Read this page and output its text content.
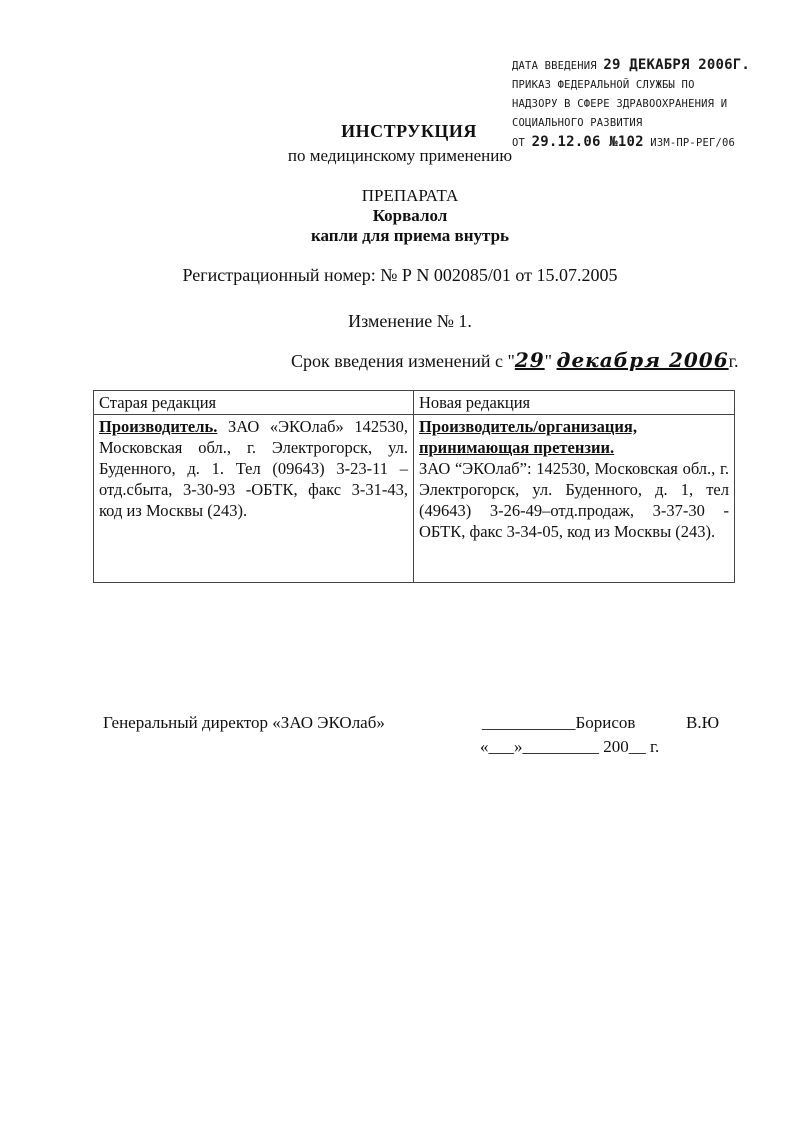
ДАТА ВВЕДЕНИЯ 29 ДЕКАБРЯ 2006Г.
ПРИКАЗ ФЕДЕРАЛЬНОЙ СЛУЖБЫ ПО
НАДЗОРУ В СФЕРЕ ЗДРАВООХРАНЕНИЯ И
СОЦИАЛЬНОГО РАЗВИТИЯ
ОТ 29.12.06 №102 ИЗМ-ПР-РЕГ/06
ИНСТРУКЦИЯ
по медицинскому применению
ПРЕПАРАТА
Корвалол
капли для приема внутрь
Регистрационный номер: № Р N 002085/01 от 15.07.2005
Изменение № 1.
Срок введения изменений с "29" декабря 2006г.
Старая редакция	Новая редакция
Производитель. ЗАО «ЭКОлаб» 142530, Московская обл., г. Электрогорск, ул. Буденного, д. 1. Тел (09643) 3-23-11 – отд.сбыта, 3-30-93 -ОБТК, факс 3-31-43, код из Москвы (243).	Производитель/организация, принимающая претензии.
ЗАО “ЭКОлаб”: 142530, Московская обл., г. Электрогорск, ул. Буденного, д. 1, тел (49643) 3-26-49–отд.продаж, 3-37-30 - ОБТК, факс 3-34-05, код из Москвы (243).
Генеральный директор «ЗАО ЭКОлаб»	___________Борисов	В.Ю
«___»_________ 200__ г.
